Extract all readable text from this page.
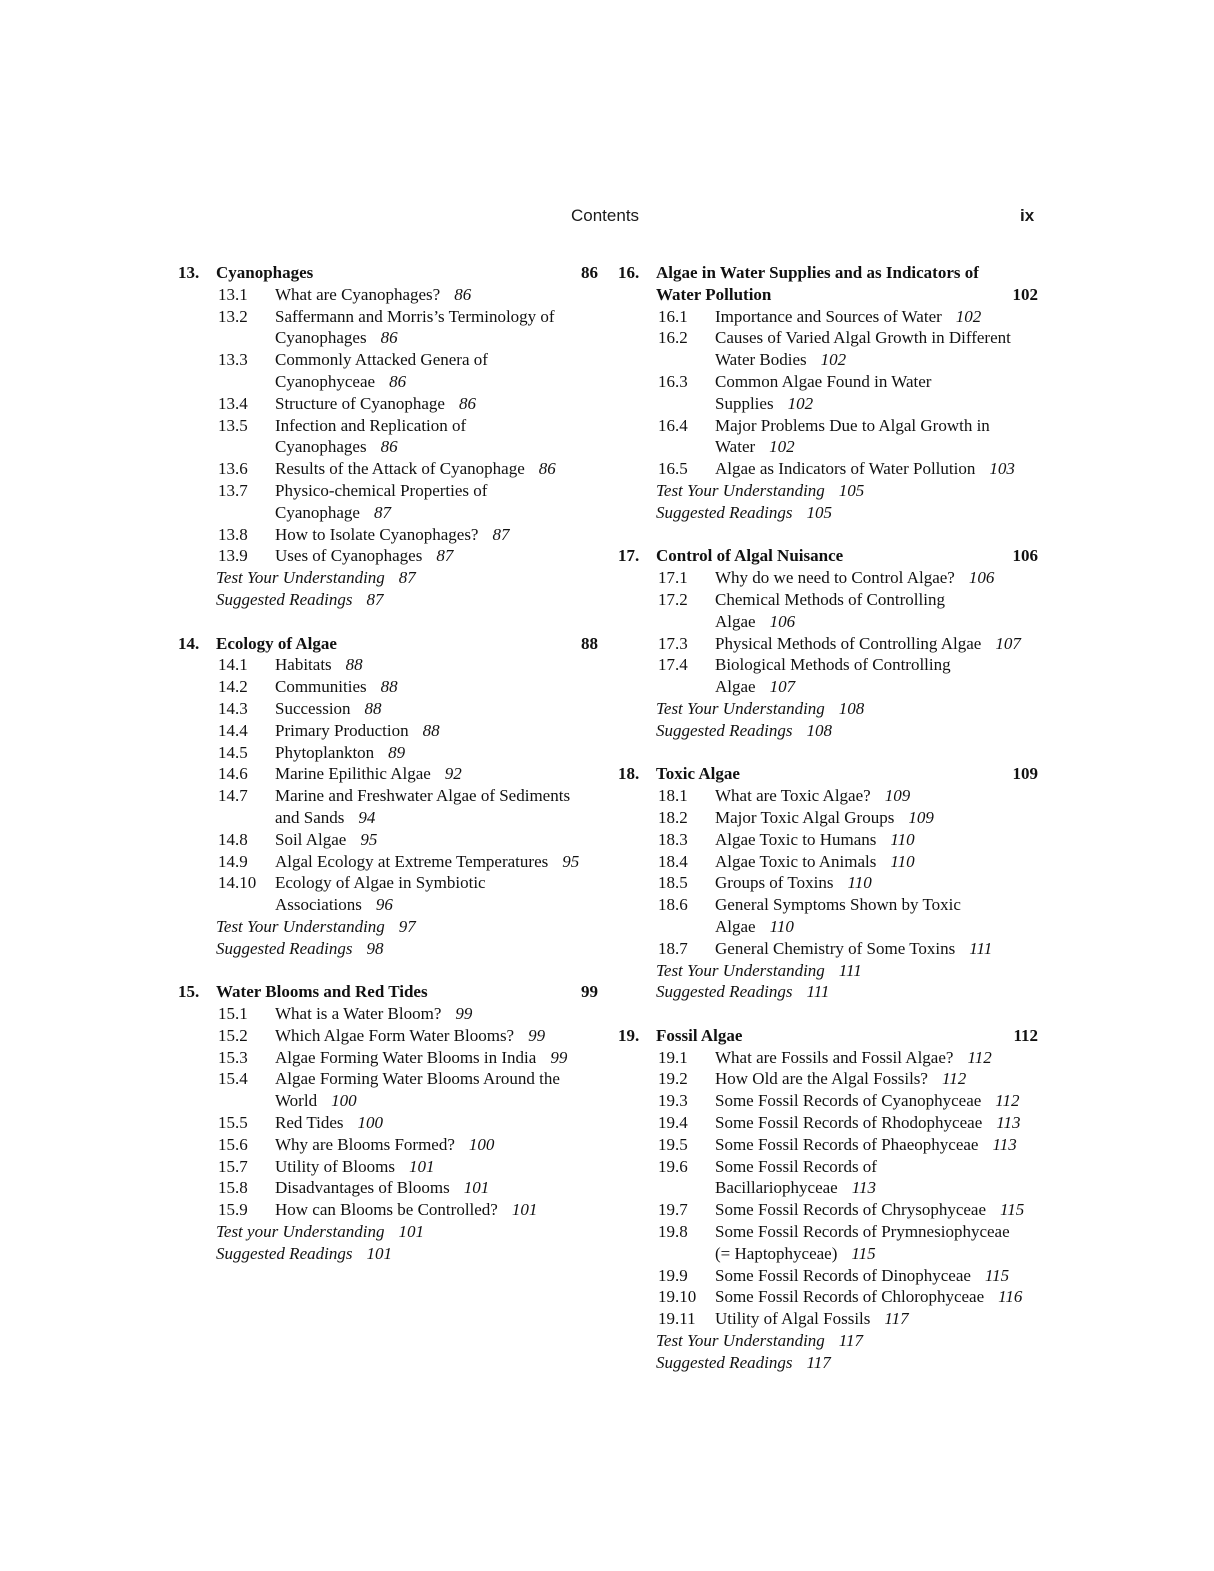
Contents	ix
13. Cyanophages	86
13.1 What are Cyanophages? 86
13.2 Saffermann and Morris’s Terminology of Cyanophages 86
13.3 Commonly Attacked Genera of Cyanophyceae 86
13.4 Structure of Cyanophage 86
13.5 Infection and Replication of Cyanophages 86
13.6 Results of the Attack of Cyanophage 86
13.7 Physico-chemical Properties of Cyanophage 87
13.8 How to Isolate Cyanophages? 87
13.9 Uses of Cyanophages 87
Test Your Understanding 87
Suggested Readings 87
14. Ecology of Algae	88
14.1 Habitats 88
14.2 Communities 88
14.3 Succession 88
14.4 Primary Production 88
14.5 Phytoplankton 89
14.6 Marine Epilithic Algae 92
14.7 Marine and Freshwater Algae of Sediments and Sands 94
14.8 Soil Algae 95
14.9 Algal Ecology at Extreme Temperatures 95
14.10 Ecology of Algae in Symbiotic Associations 96
Test Your Understanding 97
Suggested Readings 98
15. Water Blooms and Red Tides	99
15.1 What is a Water Bloom? 99
15.2 Which Algae Form Water Blooms? 99
15.3 Algae Forming Water Blooms in India 99
15.4 Algae Forming Water Blooms Around the World 100
15.5 Red Tides 100
15.6 Why are Blooms Formed? 100
15.7 Utility of Blooms 101
15.8 Disadvantages of Blooms 101
15.9 How can Blooms be Controlled? 101
Test your Understanding 101
Suggested Readings 101
16. Algae in Water Supplies and as Indicators of Water Pollution	102
16.1 Importance and Sources of Water 102
16.2 Causes of Varied Algal Growth in Different Water Bodies 102
16.3 Common Algae Found in Water Supplies 102
16.4 Major Problems Due to Algal Growth in Water 102
16.5 Algae as Indicators of Water Pollution 103
Test Your Understanding 105
Suggested Readings 105
17. Control of Algal Nuisance	106
17.1 Why do we need to Control Algae? 106
17.2 Chemical Methods of Controlling Algae 106
17.3 Physical Methods of Controlling Algae 107
17.4 Biological Methods of Controlling Algae 107
Test Your Understanding 108
Suggested Readings 108
18. Toxic Algae	109
18.1 What are Toxic Algae? 109
18.2 Major Toxic Algal Groups 109
18.3 Algae Toxic to Humans 110
18.4 Algae Toxic to Animals 110
18.5 Groups of Toxins 110
18.6 General Symptoms Shown by Toxic Algae 110
18.7 General Chemistry of Some Toxins 111
Test Your Understanding 111
Suggested Readings 111
19. Fossil Algae	112
19.1 What are Fossils and Fossil Algae? 112
19.2 How Old are the Algal Fossils? 112
19.3 Some Fossil Records of Cyanophyceae 112
19.4 Some Fossil Records of Rhodophyceae 113
19.5 Some Fossil Records of Phaeophyceae 113
19.6 Some Fossil Records of Bacillariophyceae 113
19.7 Some Fossil Records of Chrysophyceae 115
19.8 Some Fossil Records of Prymnesiophyceae (= Haptophyceae) 115
19.9 Some Fossil Records of Dinophyceae 115
19.10 Some Fossil Records of Chlorophyceae 116
19.11 Utility of Algal Fossils 117
Test Your Understanding 117
Suggested Readings 117
